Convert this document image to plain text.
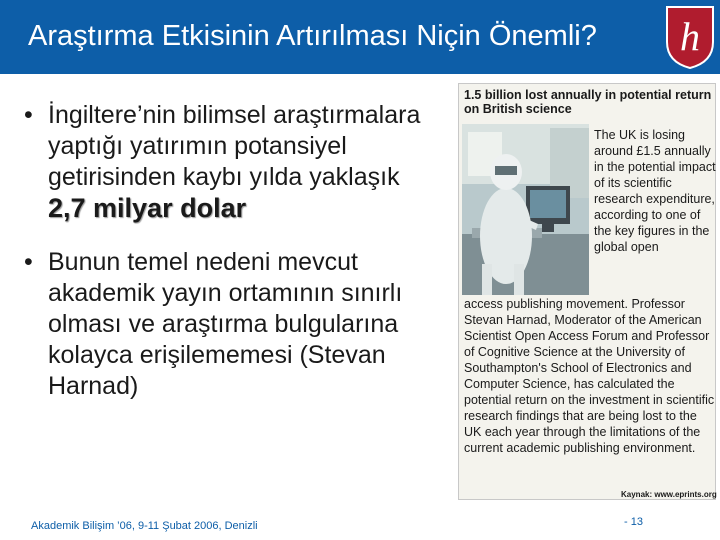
Araştırma Etkisinin Artırılması Niçin Önemli? h
• İngiltere’nin bilimsel araştırmalara yaptığı yatırımın potansiyel getirisinden kaybı yılda yaklaşık 2,7 milyar dolar
• Bunun temel nedeni mevcut akademik yayın ortamının sınırlı olması ve araştırma bulgularına kolayca erişilememesi (Stevan Harnad)
1.5 billion lost annually in potential return on British science
The UK is losing around £1.5 annually in the potential impact of its scientific research expenditure, according to one of the key figures in the global open
access publishing movement. Professor Stevan Harnad, Moderator of the American Scientist Open Access Forum and Professor of Cognitive Science at the University of Southampton's School of Electronics and Computer Science, has calculated the potential return on the investment in scientific research findings that are being lost to the UK each year through the limitations of the current academic publishing environment.
Kaynak: www.eprints.org
Akademik Bilişim ’06, 9-11 Şubat 2006, Denizli	- 13
